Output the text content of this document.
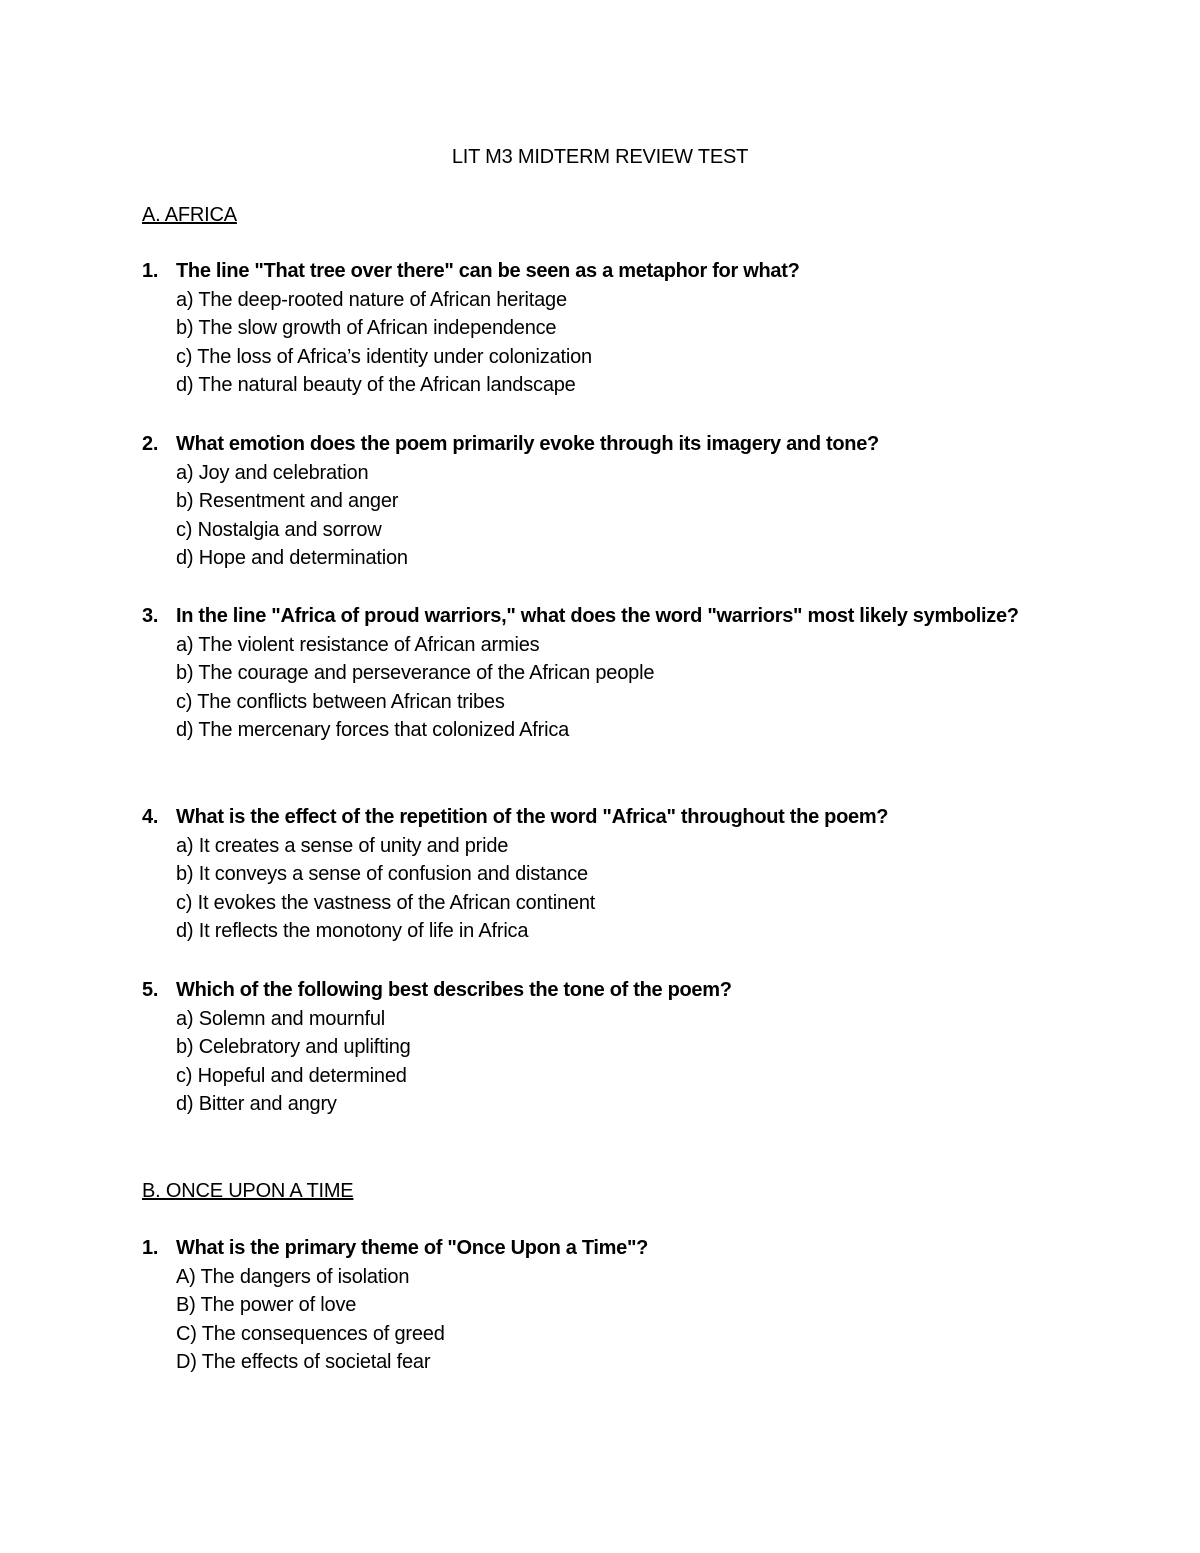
LIT M3 MIDTERM REVIEW TEST
A. AFRICA
1. The line "That tree over there" can be seen as a metaphor for what?
a) The deep-rooted nature of African heritage
b) The slow growth of African independence
c) The loss of Africa’s identity under colonization
d) The natural beauty of the African landscape
2. What emotion does the poem primarily evoke through its imagery and tone?
a) Joy and celebration
b) Resentment and anger
c) Nostalgia and sorrow
d) Hope and determination
3. In the line "Africa of proud warriors," what does the word "warriors" most likely symbolize?
a) The violent resistance of African armies
b) The courage and perseverance of the African people
c) The conflicts between African tribes
d) The mercenary forces that colonized Africa
4. What is the effect of the repetition of the word "Africa" throughout the poem?
a) It creates a sense of unity and pride
b) It conveys a sense of confusion and distance
c) It evokes the vastness of the African continent
d) It reflects the monotony of life in Africa
5. Which of the following best describes the tone of the poem?
a) Solemn and mournful
b) Celebratory and uplifting
c) Hopeful and determined
d) Bitter and angry
B. ONCE UPON A TIME
1. What is the primary theme of "Once Upon a Time"?
A) The dangers of isolation
B) The power of love
C) The consequences of greed
D) The effects of societal fear
